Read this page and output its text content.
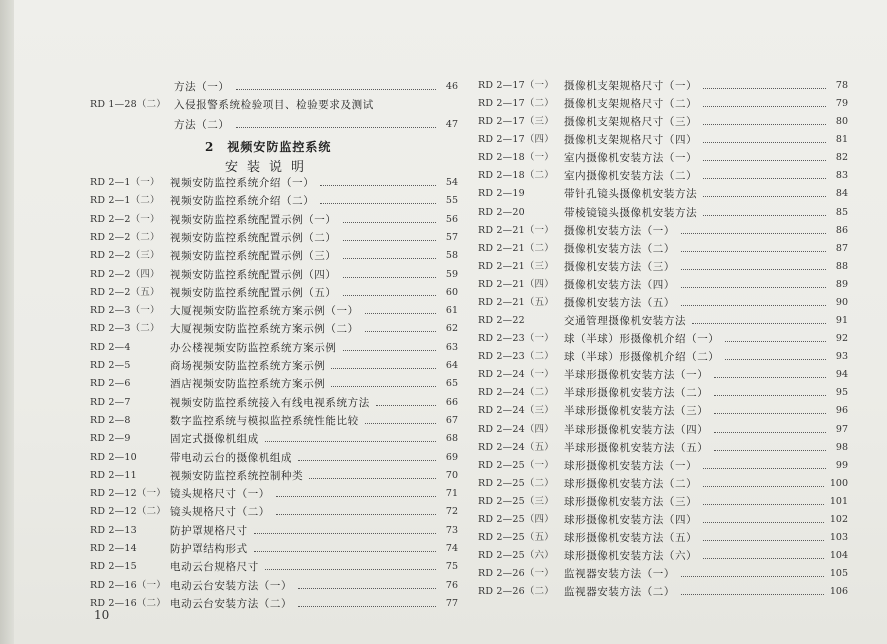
方法（一）	46
RD 1—28（二） 入侵报警系统检验项目、检验要求及测试
方法（二）	47
RD 2—1（一） 视频安防监控系统介绍（一）	54
RD 2—1（二） 视频安防监控系统介绍（二）	55
RD 2—2（一） 视频安防监控系统配置示例（一）	56
RD 2—2（二） 视频安防监控系统配置示例（二）	57
RD 2—2（三） 视频安防监控系统配置示例（三）	58
RD 2—2（四） 视频安防监控系统配置示例（四）	59
RD 2—2（五） 视频安防监控系统配置示例（五）	60
RD 2—3（一） 大厦视频安防监控系统方案示例（一）	61
RD 2—3（二） 大厦视频安防监控系统方案示例（二）	62
RD 2—4	办公楼视频安防监控系统方案示例	63
RD 2—5	商场视频安防监控系统方案示例	64
RD 2—6	酒店视频安防监控系统方案示例	65
RD 2—7	视频安防监控系统接入有线电视系统方法	66
RD 2—8	数字监控系统与模拟监控系统性能比较	67
RD 2—9	固定式摄像机组成	68
RD 2—10	带电动云台的摄像机组成	69
RD 2—11	视频安防监控系统控制种类	70
RD 2—12（一） 镜头规格尺寸（一）	71
RD 2—12（二） 镜头规格尺寸（二）	72
RD 2—13	防护罩规格尺寸	73
RD 2—14	防护罩结构形式	74
RD 2—15	电动云台规格尺寸	75
RD 2—16（一） 电动云台安装方法（一）	76
RD 2—16（二） 电动云台安装方法（二）	77
2　视频安防监控系统
安装说明
RD 2—17（一） 摄像机支架规格尺寸（一）	78
RD 2—17（二） 摄像机支架规格尺寸（二）	79
RD 2—17（三） 摄像机支架规格尺寸（三）	80
RD 2—17（四） 摄像机支架规格尺寸（四）	81
RD 2—18（一） 室内摄像机安装方法（一）	82
RD 2—18（二） 室内摄像机安装方法（二）	83
RD 2—19	带针孔镜头摄像机安装方法	84
RD 2—20	带棱镜镜头摄像机安装方法	85
RD 2—21（一） 摄像机安装方法（一）	86
RD 2—21（二） 摄像机安装方法（二）	87
RD 2—21（三） 摄像机安装方法（三）	88
RD 2—21（四） 摄像机安装方法（四）	89
RD 2—21（五） 摄像机安装方法（五）	90
RD 2—22	交通管理摄像机安装方法	91
RD 2—23（一） 球（半球）形摄像机介绍（一）	92
RD 2—23（二） 球（半球）形摄像机介绍（二）	93
RD 2—24（一） 半球形摄像机安装方法（一）	94
RD 2—24（二） 半球形摄像机安装方法（二）	95
RD 2—24（三） 半球形摄像机安装方法（三）	96
RD 2—24（四） 半球形摄像机安装方法（四）	97
RD 2—24（五） 半球形摄像机安装方法（五）	98
RD 2—25（一） 球形摄像机安装方法（一）	99
RD 2—25（二） 球形摄像机安装方法（二）	100
RD 2—25（三） 球形摄像机安装方法（三）	101
RD 2—25（四） 球形摄像机安装方法（四）	102
RD 2—25（五） 球形摄像机安装方法（五）	103
RD 2—25（六） 球形摄像机安装方法（六）	104
RD 2—26（一） 监视器安装方法（一）	105
RD 2—26（二） 监视器安装方法（二）	106
10
